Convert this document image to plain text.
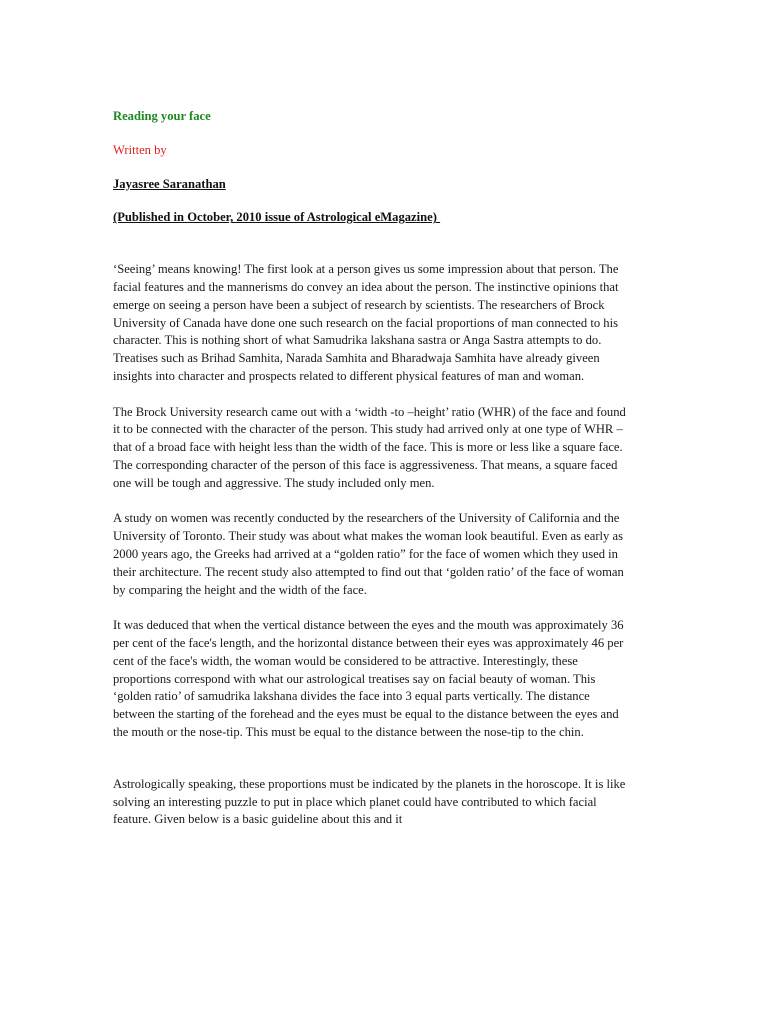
Reading your face

Written by

Jayasree Saranathan

(Published in October, 2010 issue of Astrological eMagazine)

‘Seeing’ means knowing! The first look at a person gives us some impression about that person. The facial features and the mannerisms do convey an idea about the person. The instinctive opinions that emerge on seeing a person have been a subject of research by scientists. The researchers of Brock University of Canada have done one such research on the facial proportions of man connected to his character. This is nothing short of what Samudrika lakshana sastra or Anga Sastra attempts to do. Treatises such as Brihad Samhita, Narada Samhita and Bharadwaja Samhita have already giveen insights into character and prospects related to different physical features of man and woman.

The Brock University research came out with a ‘width -to –height’ ratio (WHR) of the face and found it to be connected with the character of the person. This study had arrived only at one type of WHR – that of a broad face with height less than the width of the face. This is more or less like a square face. The corresponding character of the person of this face is aggressiveness. That means, a square faced one will be tough and aggressive. The study included only men.

A study on women was recently conducted by the researchers of the University of California and the University of Toronto. Their study was about what makes the woman look beautiful. Even as early as 2000 years ago, the Greeks had arrived at a “golden ratio” for the face of women which they used in their architecture. The recent study also attempted to find out that ‘golden ratio’ of the face of woman by comparing the height and the width of the face.

It was deduced that when the vertical distance between the eyes and the mouth was approximately 36 per cent of the face's length, and the horizontal distance between their eyes was approximately 46 per cent of the face's width, the woman would be considered to be attractive. Interestingly, these proportions correspond with what our astrological treatises say on facial beauty of woman. This ‘golden ratio’ of samudrika lakshana divides the face into 3 equal parts vertically. The distance between the starting of the forehead and the eyes must be equal to the distance between the eyes and the mouth or the nose-tip. This must be equal to the distance between the nose-tip to the chin.

Astrologically speaking, these proportions must be indicated by the planets in the horoscope. It is like solving an interesting puzzle to put in place which planet could have contributed to which facial feature. Given below is a basic guideline about this and it
